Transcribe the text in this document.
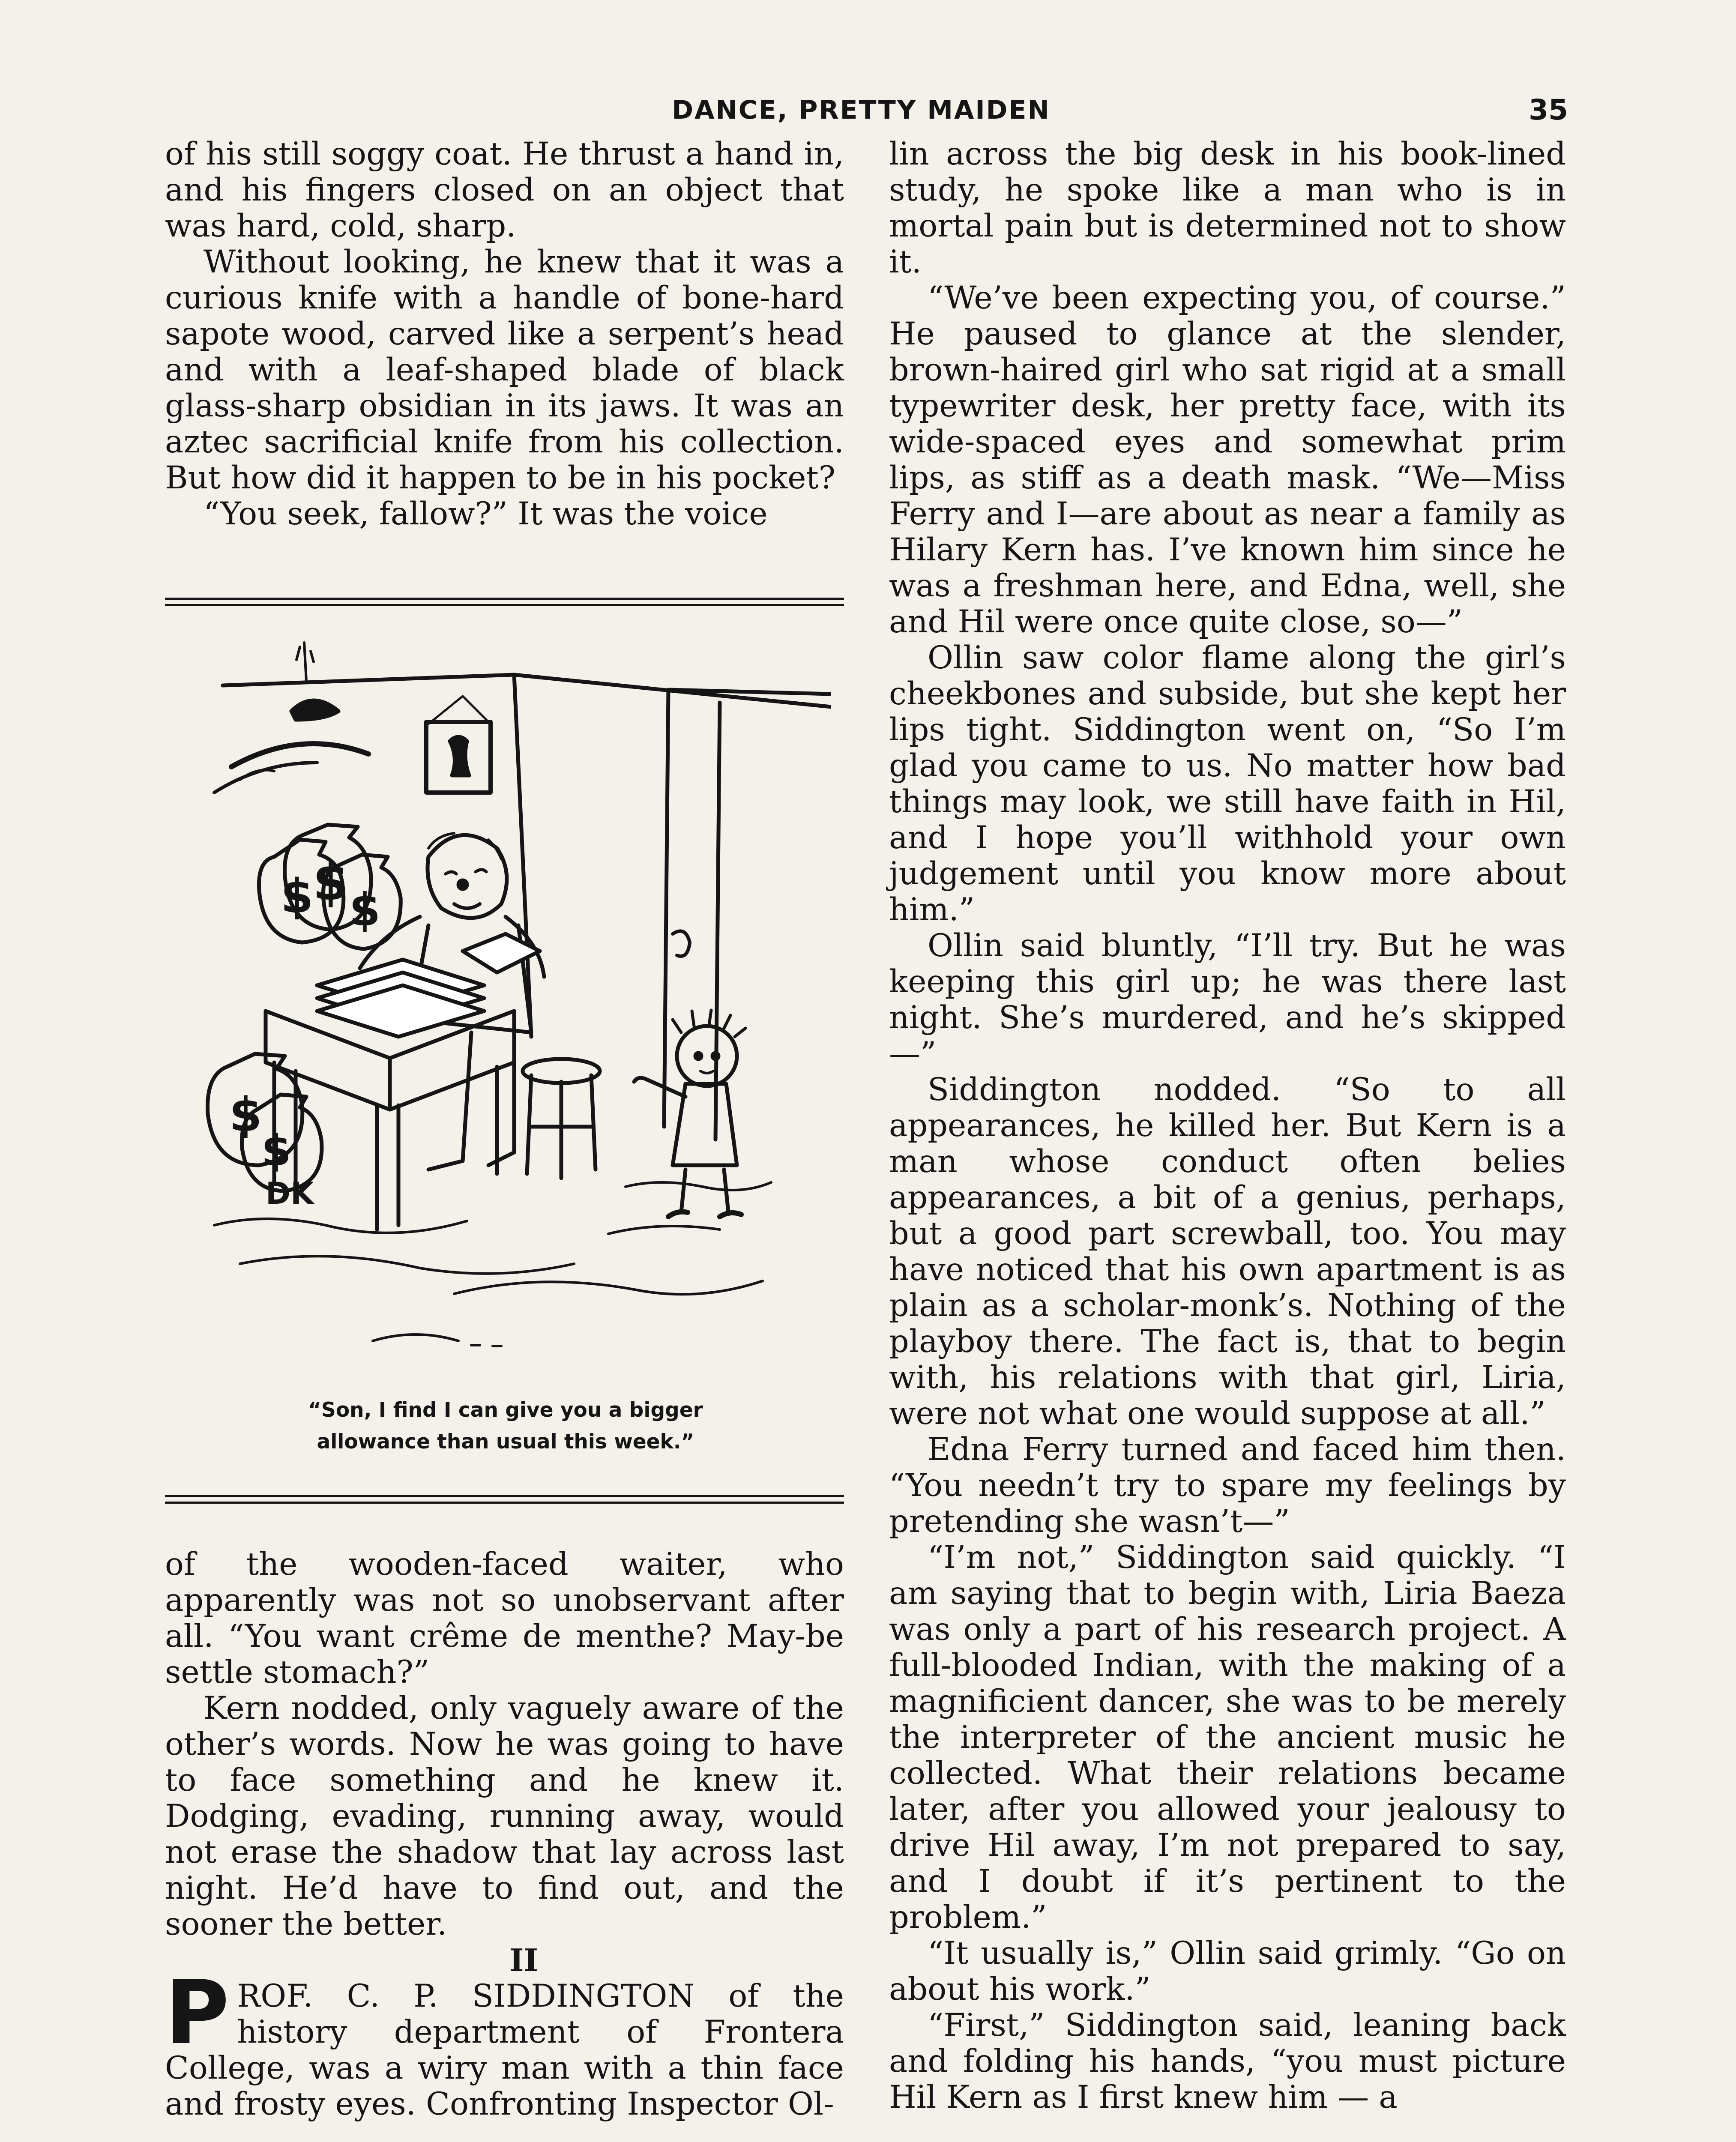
DANCE, PRETTY MAIDEN	35

of his still soggy coat. He thrust a hand in, and his fingers closed on an object that was hard, cold, sharp.

Without looking, he knew that it was a curious knife with a handle of bone-hard sapote wood, carved like a serpent’s head and with a leaf-shaped blade of black glass-sharp obsidian in its jaws. It was an aztec sacrificial knife from his collection. But how did it happen to be in his pocket?

“You seek, fallow?” It was the voice

$
$ $
$
$
DK
“Son, I find I can give you a bigger
allowance than usual this week.”

of the wooden-faced waiter, who apparently was not so unobservant after all. “You want crême de menthe? May-be settle stomach?”

Kern nodded, only vaguely aware of the other’s words. Now he was going to have to face something and he knew it. Dodging, evading, running away, would not erase the shadow that lay across last night. He’d have to find out, and the sooner the better.

II

PROF. C. P. SIDDINGTON of the history department of Frontera College, was a wiry man with a thin face and frosty eyes. Confronting Inspector Ol-

lin across the big desk in his book-lined study, he spoke like a man who is in mortal pain but is determined not to show it.

“We’ve been expecting you, of course.” He paused to glance at the slender, brown-haired girl who sat rigid at a small typewriter desk, her pretty face, with its wide-spaced eyes and somewhat prim lips, as stiff as a death mask. “We—Miss Ferry and I—are about as near a family as Hilary Kern has. I’ve known him since he was a freshman here, and Edna, well, she and Hil were once quite close, so—”

Ollin saw color flame along the girl’s cheekbones and subside, but she kept her lips tight. Siddington went on, “So I’m glad you came to us. No matter how bad things may look, we still have faith in Hil, and I hope you’ll withhold your own judgement until you know more about him.”

Ollin said bluntly, “I’ll try. But he was keeping this girl up; he was there last night. She’s murdered, and he’s skipped—”

Siddington nodded. “So to all appearances, he killed her. But Kern is a man whose conduct often belies appearances, a bit of a genius, perhaps, but a good part screwball, too. You may have noticed that his own apartment is as plain as a scholar-monk’s. Nothing of the playboy there. The fact is, that to begin with, his relations with that girl, Liria, were not what one would suppose at all.”

Edna Ferry turned and faced him then. “You needn’t try to spare my feelings by pretending she wasn’t—”

“I’m not,” Siddington said quickly. “I am saying that to begin with, Liria Baeza was only a part of his research project. A full-blooded Indian, with the making of a magnificient dancer, she was to be merely the interpreter of the ancient music he collected. What their relations became later, after you allowed your jealousy to drive Hil away, I’m not prepared to say, and I doubt if it’s pertinent to the problem.”

“It usually is,” Ollin said grimly. “Go on about his work.”

“First,” Siddington said, leaning back and folding his hands, “you must picture Hil Kern as I first knew him — a
